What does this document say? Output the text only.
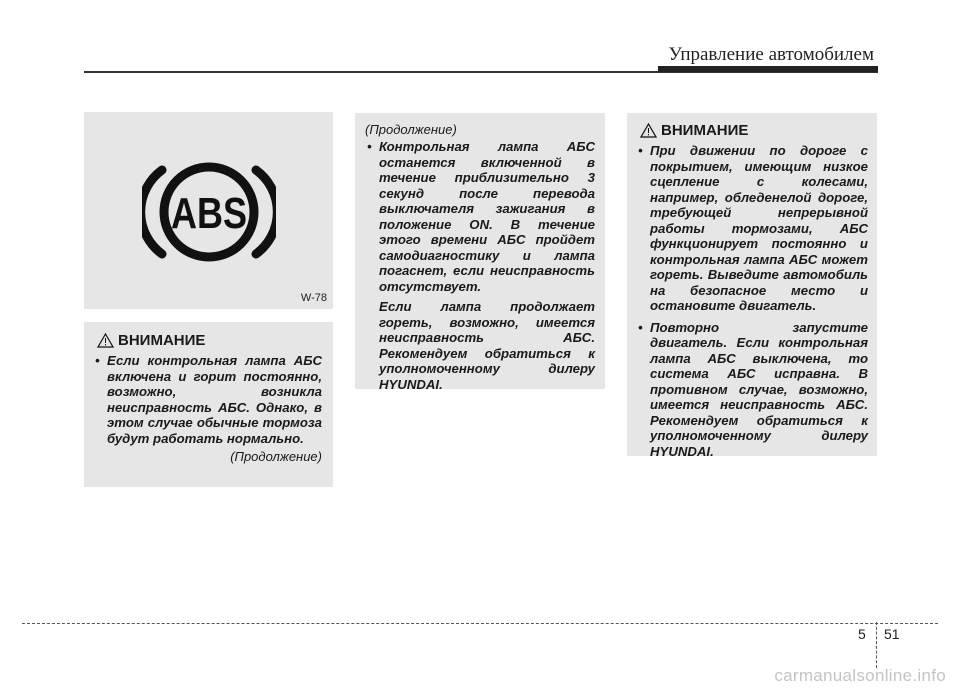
Управление автомобилем
ABS
W-78
ВНИМАНИЕ
• Если контрольная лампа АБС включена и горит постоянно, возможно, возникла неисправность АБС. Однако, в этом случае обычные тормоза будут работать нормально.
(Продолжение)
(Продолжение)
• Контрольная лампа АБС останется включенной в течение приблизительно 3 секунд после перевода выключателя зажигания в положение ON. В течение этого времени АБС пройдет самодиагностику и лампа погаснет, если неисправность отсутствует.
Если лампа продолжает гореть, возможно, имеется неисправность АБС. Рекомендуем обратиться к уполномоченному дилеру HYUNDAI.
ВНИМАНИЕ
• При движении по дороге с покрытием, имеющим низкое сцепление с колесами, например, обледенелой дороге, требующей непрерывной работы тормозами, АБС функционирует постоянно и контрольная лампа АБС может гореть. Выведите автомобиль на безопасное место и остановите двигатель.
• Повторно запустите двигатель. Если контрольная лампа АБС выключена, то система АБС исправна. В противном случае, возможно, имеется неисправность АБС. Рекомендуем обратиться к уполномоченному дилеру HYUNDAI.
5 51
carmanualsonline.info
